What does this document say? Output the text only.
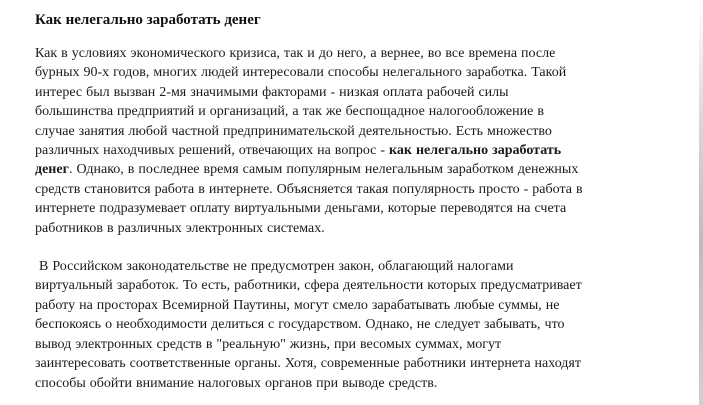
Как нелегально заработать денег

Как в условиях экономического кризиса, так и до него, а вернее, во все времена после
бурных 90-х годов, многих людей интересовали способы нелегального заработка. Такой
интерес был вызван 2-мя значимыми факторами - низкая оплата рабочей силы
большинства предприятий и организаций, а так же беспощадное налогообложение в
случае занятия любой частной предпринимательской деятельностью. Есть множество
различных находчивых решений, отвечающих на вопрос - как нелегально заработать
денег. Однако, в последнее время самым популярным нелегальным заработком денежных
средств становится работа в интернете. Объясняется такая популярность просто - работа в
интернете подразумевает оплату виртуальными деньгами, которые переводятся на счета
работников в различных электронных системах.

В Российском законодательстве не предусмотрен закон, облагающий налогами
виртуальный заработок. То есть, работники, сфера деятельности которых предусматривает
работу на просторах Всемирной Паутины, могут смело зарабатывать любые суммы, не
беспокоясь о необходимости делиться с государством. Однако, не следует забывать, что
вывод электронных средств в "реальную" жизнь, при весомых суммах, могут
заинтересовать соответственные органы. Хотя, современные работники интернета находят
способы обойти внимание налоговых органов при выводе средств.
